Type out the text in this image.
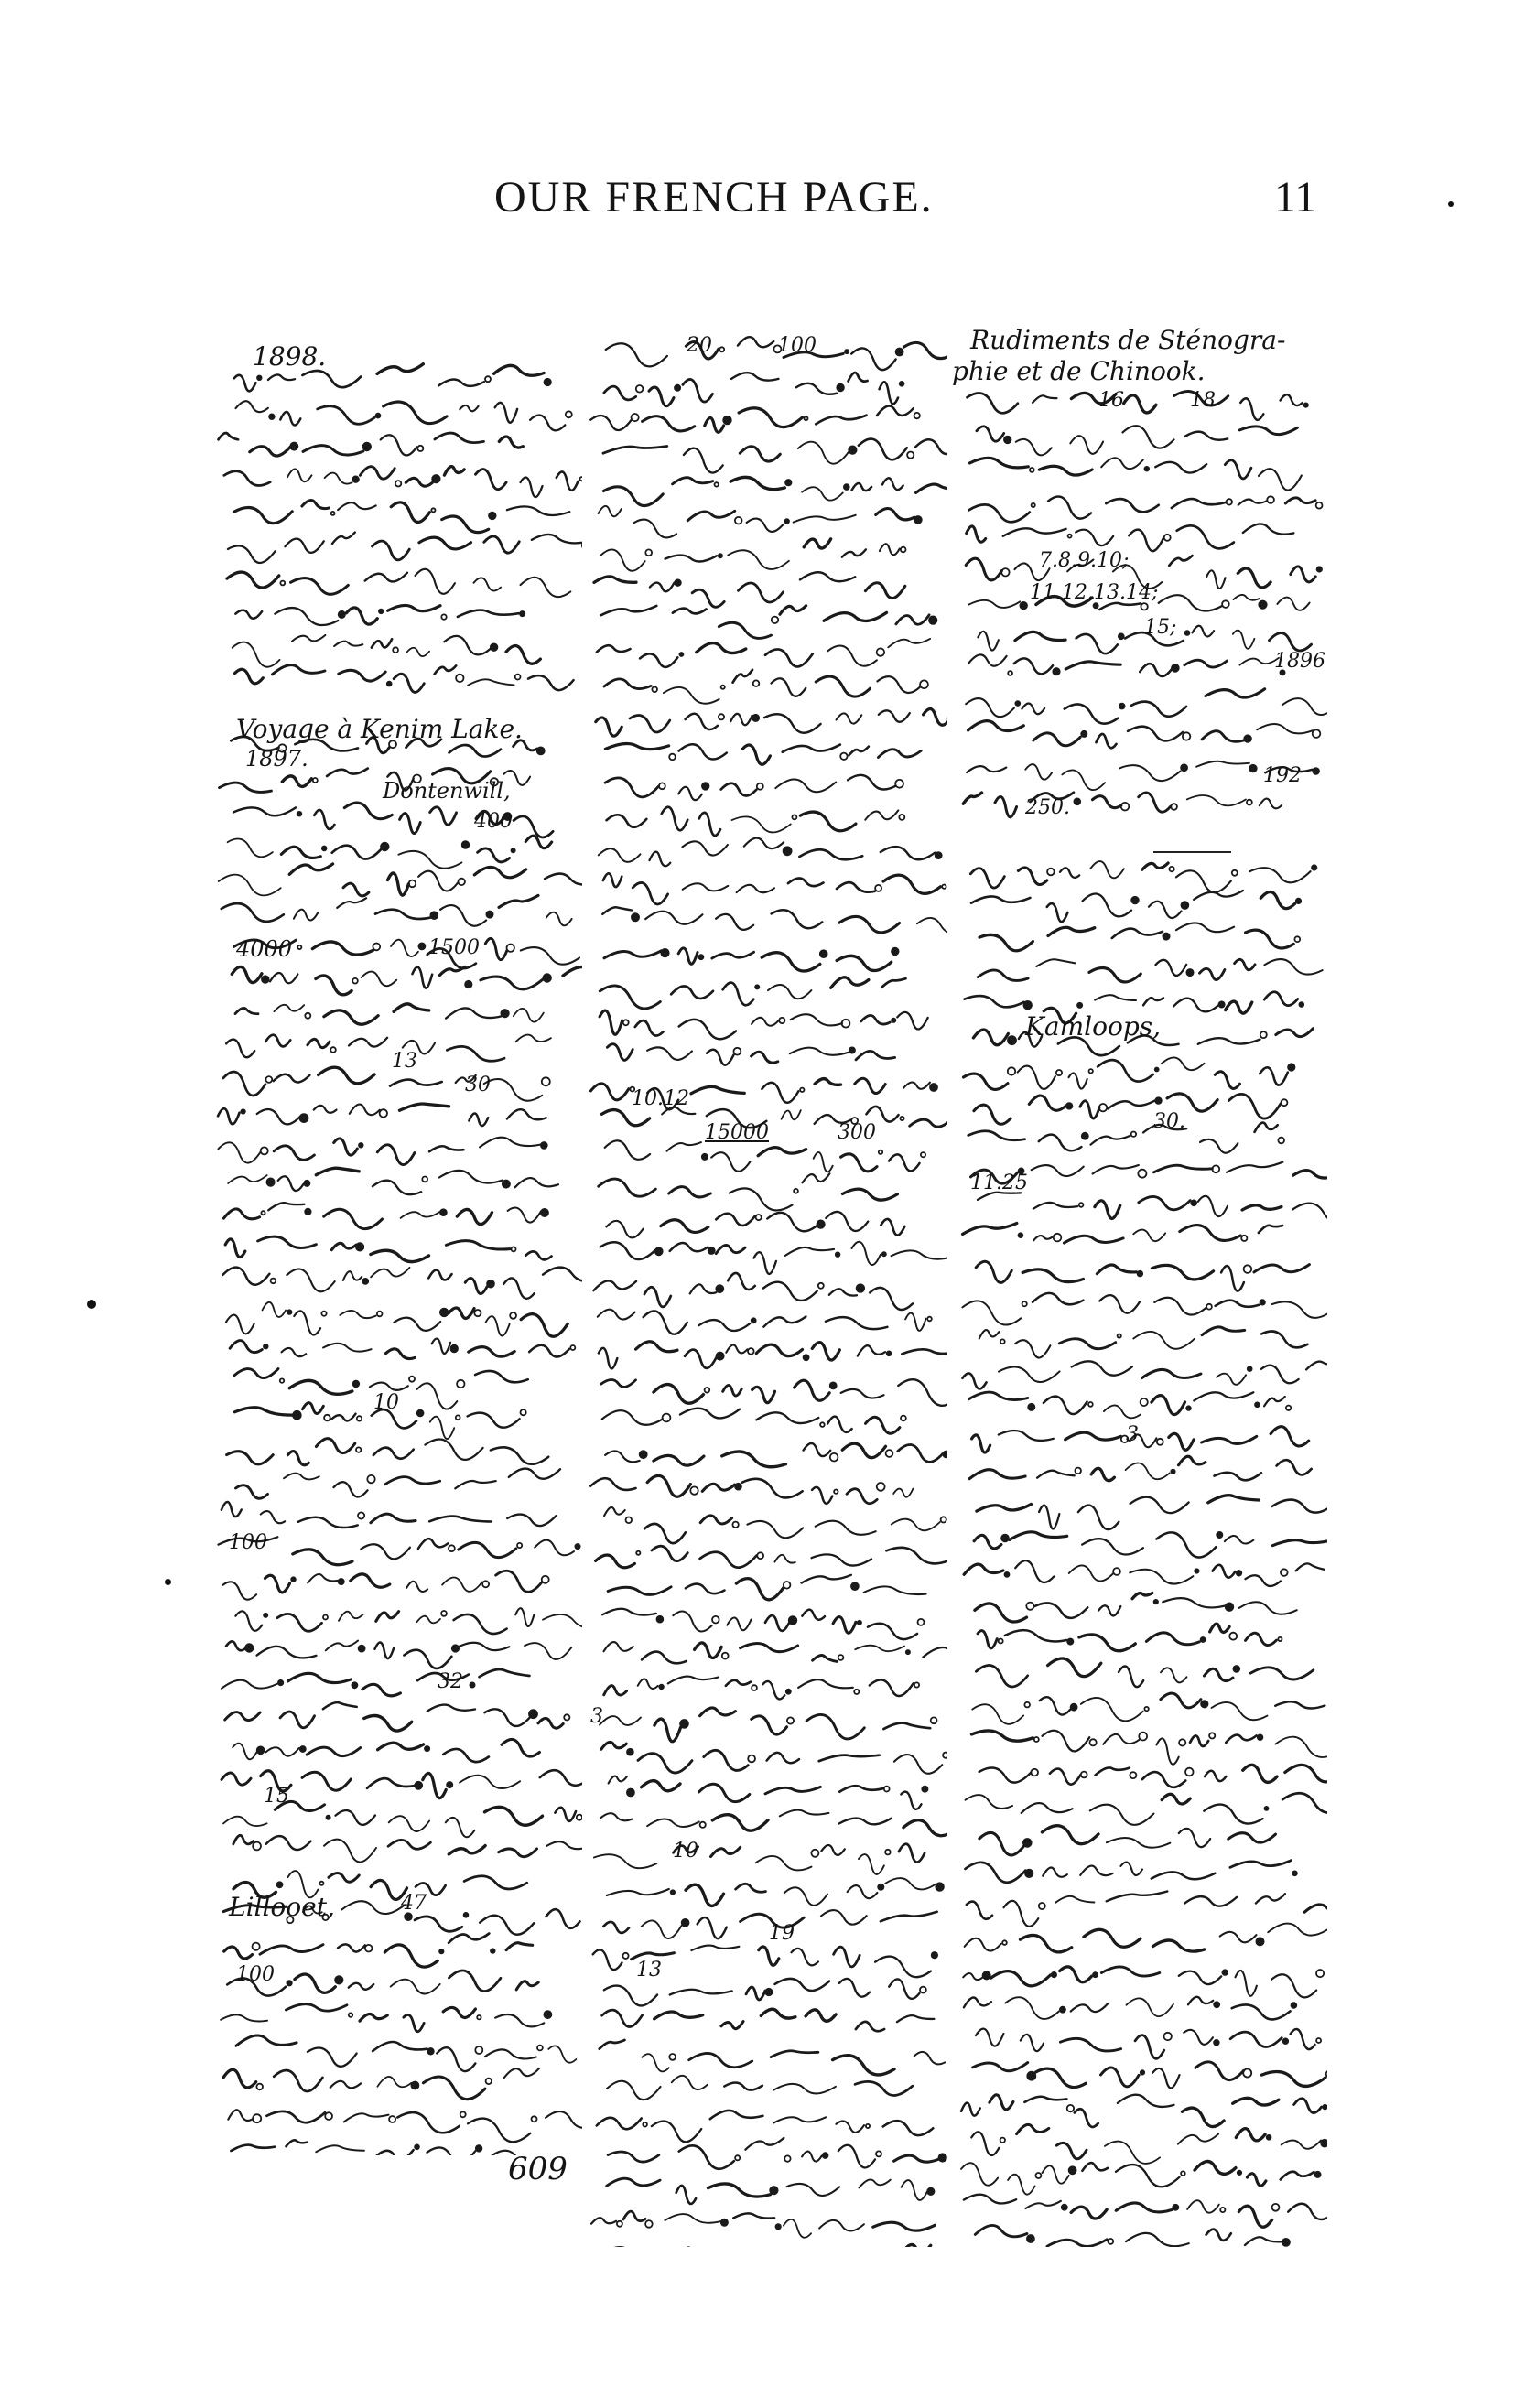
OUR FRENCH PAGE.	11
1898.
Voyage à Kenim Lake.
1897.
Dontenwill,
400
4000	1500
30
13
10
100
32
15
Lillooet,	47
100
20	100
10.12
15000	300
3
10
19
13
Rudiments de Sténogra-
phie et de Chinook.
16	18
7.8.9.10;
11.12.13.14;
15;
1896
192
250.
Kamloops,
30.
11.25
3
609
